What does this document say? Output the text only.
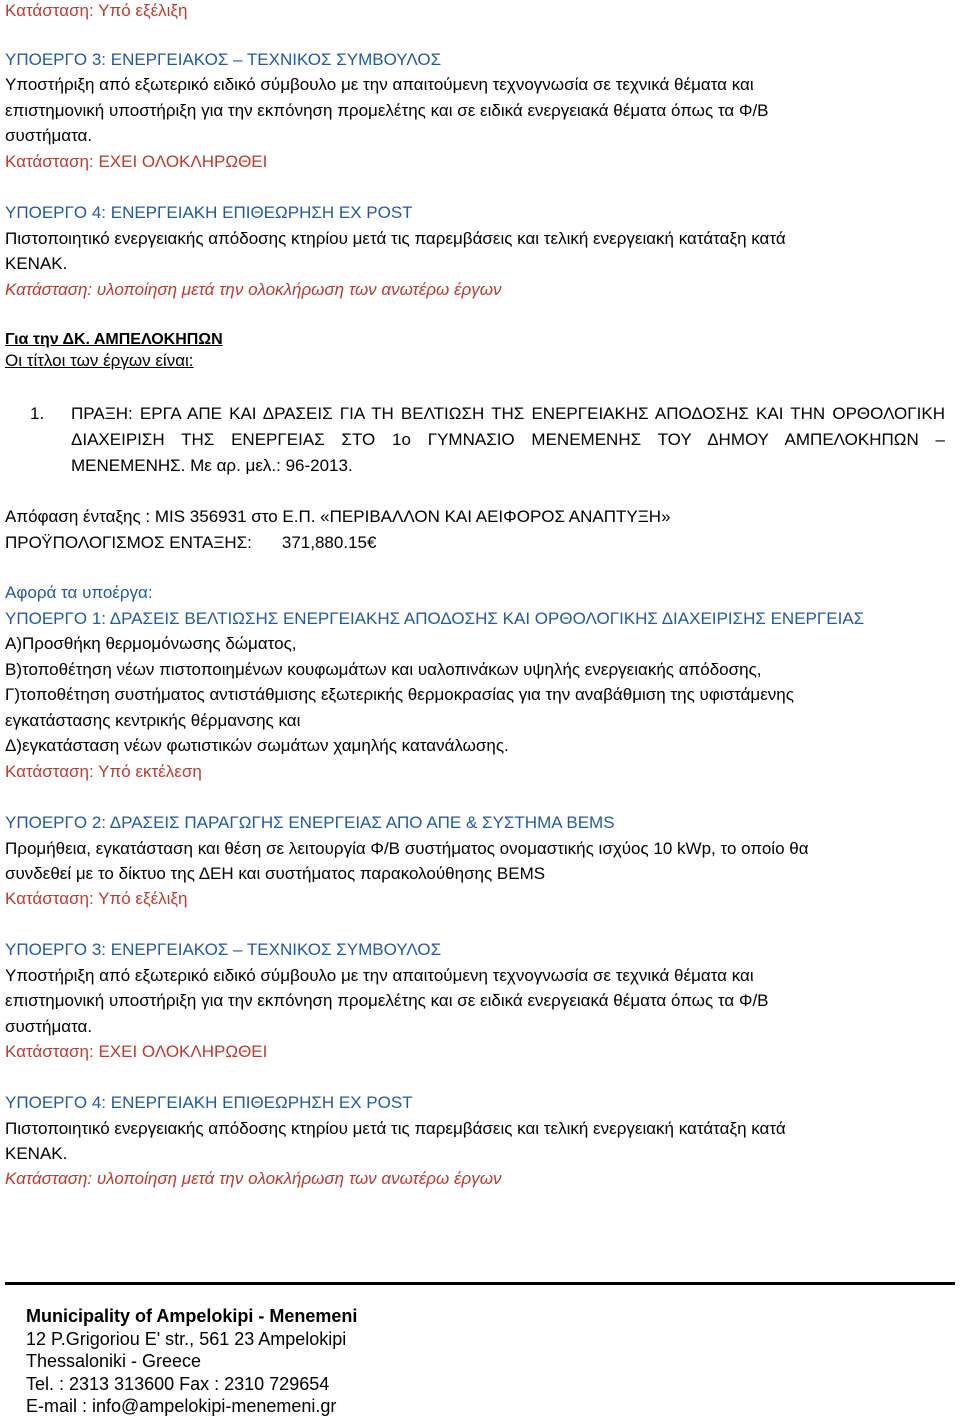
Κατάσταση: Υπό εξέλιξη
ΥΠΟΕΡΓΟ 3: ΕΝΕΡΓΕΙΑΚΟΣ – ΤΕΧΝΙΚΟΣ ΣΥΜΒΟΥΛΟΣ
Υποστήριξη από εξωτερικό ειδικό σύμβουλο με την απαιτούμενη τεχνογνωσία σε τεχνικά θέματα και
επιστημονική υποστήριξη για την εκπόνηση προμελέτης και σε ειδικά ενεργειακά θέματα όπως τα Φ/Β
συστήματα.
Κατάσταση: ΕΧΕΙ ΟΛΟΚΛΗΡΩΘΕΙ
ΥΠΟΕΡΓΟ 4: ΕΝΕΡΓΕΙΑΚΗ ΕΠΙΘΕΩΡΗΣΗ EX POST
Πιστοποιητικό ενεργειακής απόδοσης κτηρίου μετά τις παρεμβάσεις και τελική ενεργειακή κατάταξη κατά
ΚΕΝΑΚ.
Κατάσταση: υλοποίηση μετά την ολοκλήρωση των ανωτέρω έργων
Για την ΔΚ. ΑΜΠΕΛΟΚΗΠΩΝ
Οι τίτλοι των έργων είναι:
1. ΠΡΑΞΗ: ΕΡΓΑ ΑΠΕ ΚΑΙ ΔΡΑΣΕΙΣ ΓΙΑ ΤΗ ΒΕΛΤΙΩΣΗ ΤΗΣ ΕΝΕΡΓΕΙΑΚΗΣ ΑΠΟΔΟΣΗΣ ΚΑΙ ΤΗΝ ΟΡΘΟΛΟΓΙΚΗ
ΔΙΑΧΕΙΡΙΣΗ ΤΗΣ ΕΝΕΡΓΕΙΑΣ ΣΤΟ 1ο ΓΥΜΝΑΣΙΟ ΜΕΝΕΜΕΝΗΣ ΤΟΥ ΔΗΜΟΥ ΑΜΠΕΛΟΚΗΠΩΝ –
ΜΕΝΕΜΕΝΗΣ. Με αρ. μελ.: 96-2013.
Απόφαση ένταξης : MIS 356931 στο Ε.Π. «ΠΕΡΙΒΑΛΛΟΝ ΚΑΙ ΑΕΙΦΟΡΟΣ ΑΝΑΠΤΥΞΗ»
ΠΡΟΫΠΟΛΟΓΙΣΜΟΣ ΕΝΤΑΞΗΣ: 371,880.15€
Αφορά τα υποέργα:
ΥΠΟΕΡΓΟ 1: ΔΡΑΣΕΙΣ ΒΕΛΤΙΩΣΗΣ ΕΝΕΡΓΕΙΑΚΗΣ ΑΠΟΔΟΣΗΣ ΚΑΙ ΟΡΘΟΛΟΓΙΚΗΣ ΔΙΑΧΕΙΡΙΣΗΣ ΕΝΕΡΓΕΙΑΣ
Α)Προσθήκη θερμομόνωσης δώματος,
Β)τοποθέτηση νέων πιστοποιημένων κουφωμάτων και υαλοπινάκων υψηλής ενεργειακής απόδοσης,
Γ)τοποθέτηση συστήματος αντιστάθμισης εξωτερικής θερμοκρασίας για την αναβάθμιση της υφιστάμενης
εγκατάστασης κεντρικής θέρμανσης και
Δ)εγκατάσταση νέων φωτιστικών σωμάτων χαμηλής κατανάλωσης.
Κατάσταση: Υπό εκτέλεση
ΥΠΟΕΡΓΟ 2: ΔΡΑΣΕΙΣ ΠΑΡΑΓΩΓΗΣ ΕΝΕΡΓΕΙΑΣ ΑΠΟ ΑΠΕ & ΣΥΣΤΗΜΑ BEMS
Προμήθεια, εγκατάσταση και θέση σε λειτουργία Φ/Β συστήματος ονομαστικής ισχύος 10 kWp, το οποίο θα
συνδεθεί με το δίκτυο της ΔΕΗ και συστήματος παρακολούθησης BEMS
Κατάσταση: Υπό εξέλιξη
ΥΠΟΕΡΓΟ 3: ΕΝΕΡΓΕΙΑΚΟΣ – ΤΕΧΝΙΚΟΣ ΣΥΜΒΟΥΛΟΣ
Υποστήριξη από εξωτερικό ειδικό σύμβουλο με την απαιτούμενη τεχνογνωσία σε τεχνικά θέματα και
επιστημονική υποστήριξη για την εκπόνηση προμελέτης και σε ειδικά ενεργειακά θέματα όπως τα Φ/Β
συστήματα.
Κατάσταση: ΕΧΕΙ ΟΛΟΚΛΗΡΩΘΕΙ
ΥΠΟΕΡΓΟ 4: ΕΝΕΡΓΕΙΑΚΗ ΕΠΙΘΕΩΡΗΣΗ EX POST
Πιστοποιητικό ενεργειακής απόδοσης κτηρίου μετά τις παρεμβάσεις και τελική ενεργειακή κατάταξη κατά
ΚΕΝΑΚ.
Κατάσταση: υλοποίηση μετά την ολοκλήρωση των ανωτέρω έργων
Municipality of Ampelokipi - Menemeni
12 P.Grigoriou E' str., 561 23 Ampelokipi
Thessaloniki - Greece
Tel. : 2313 313600 Fax : 2310 729654
E-mail : info@ampelokipi-menemeni.gr
